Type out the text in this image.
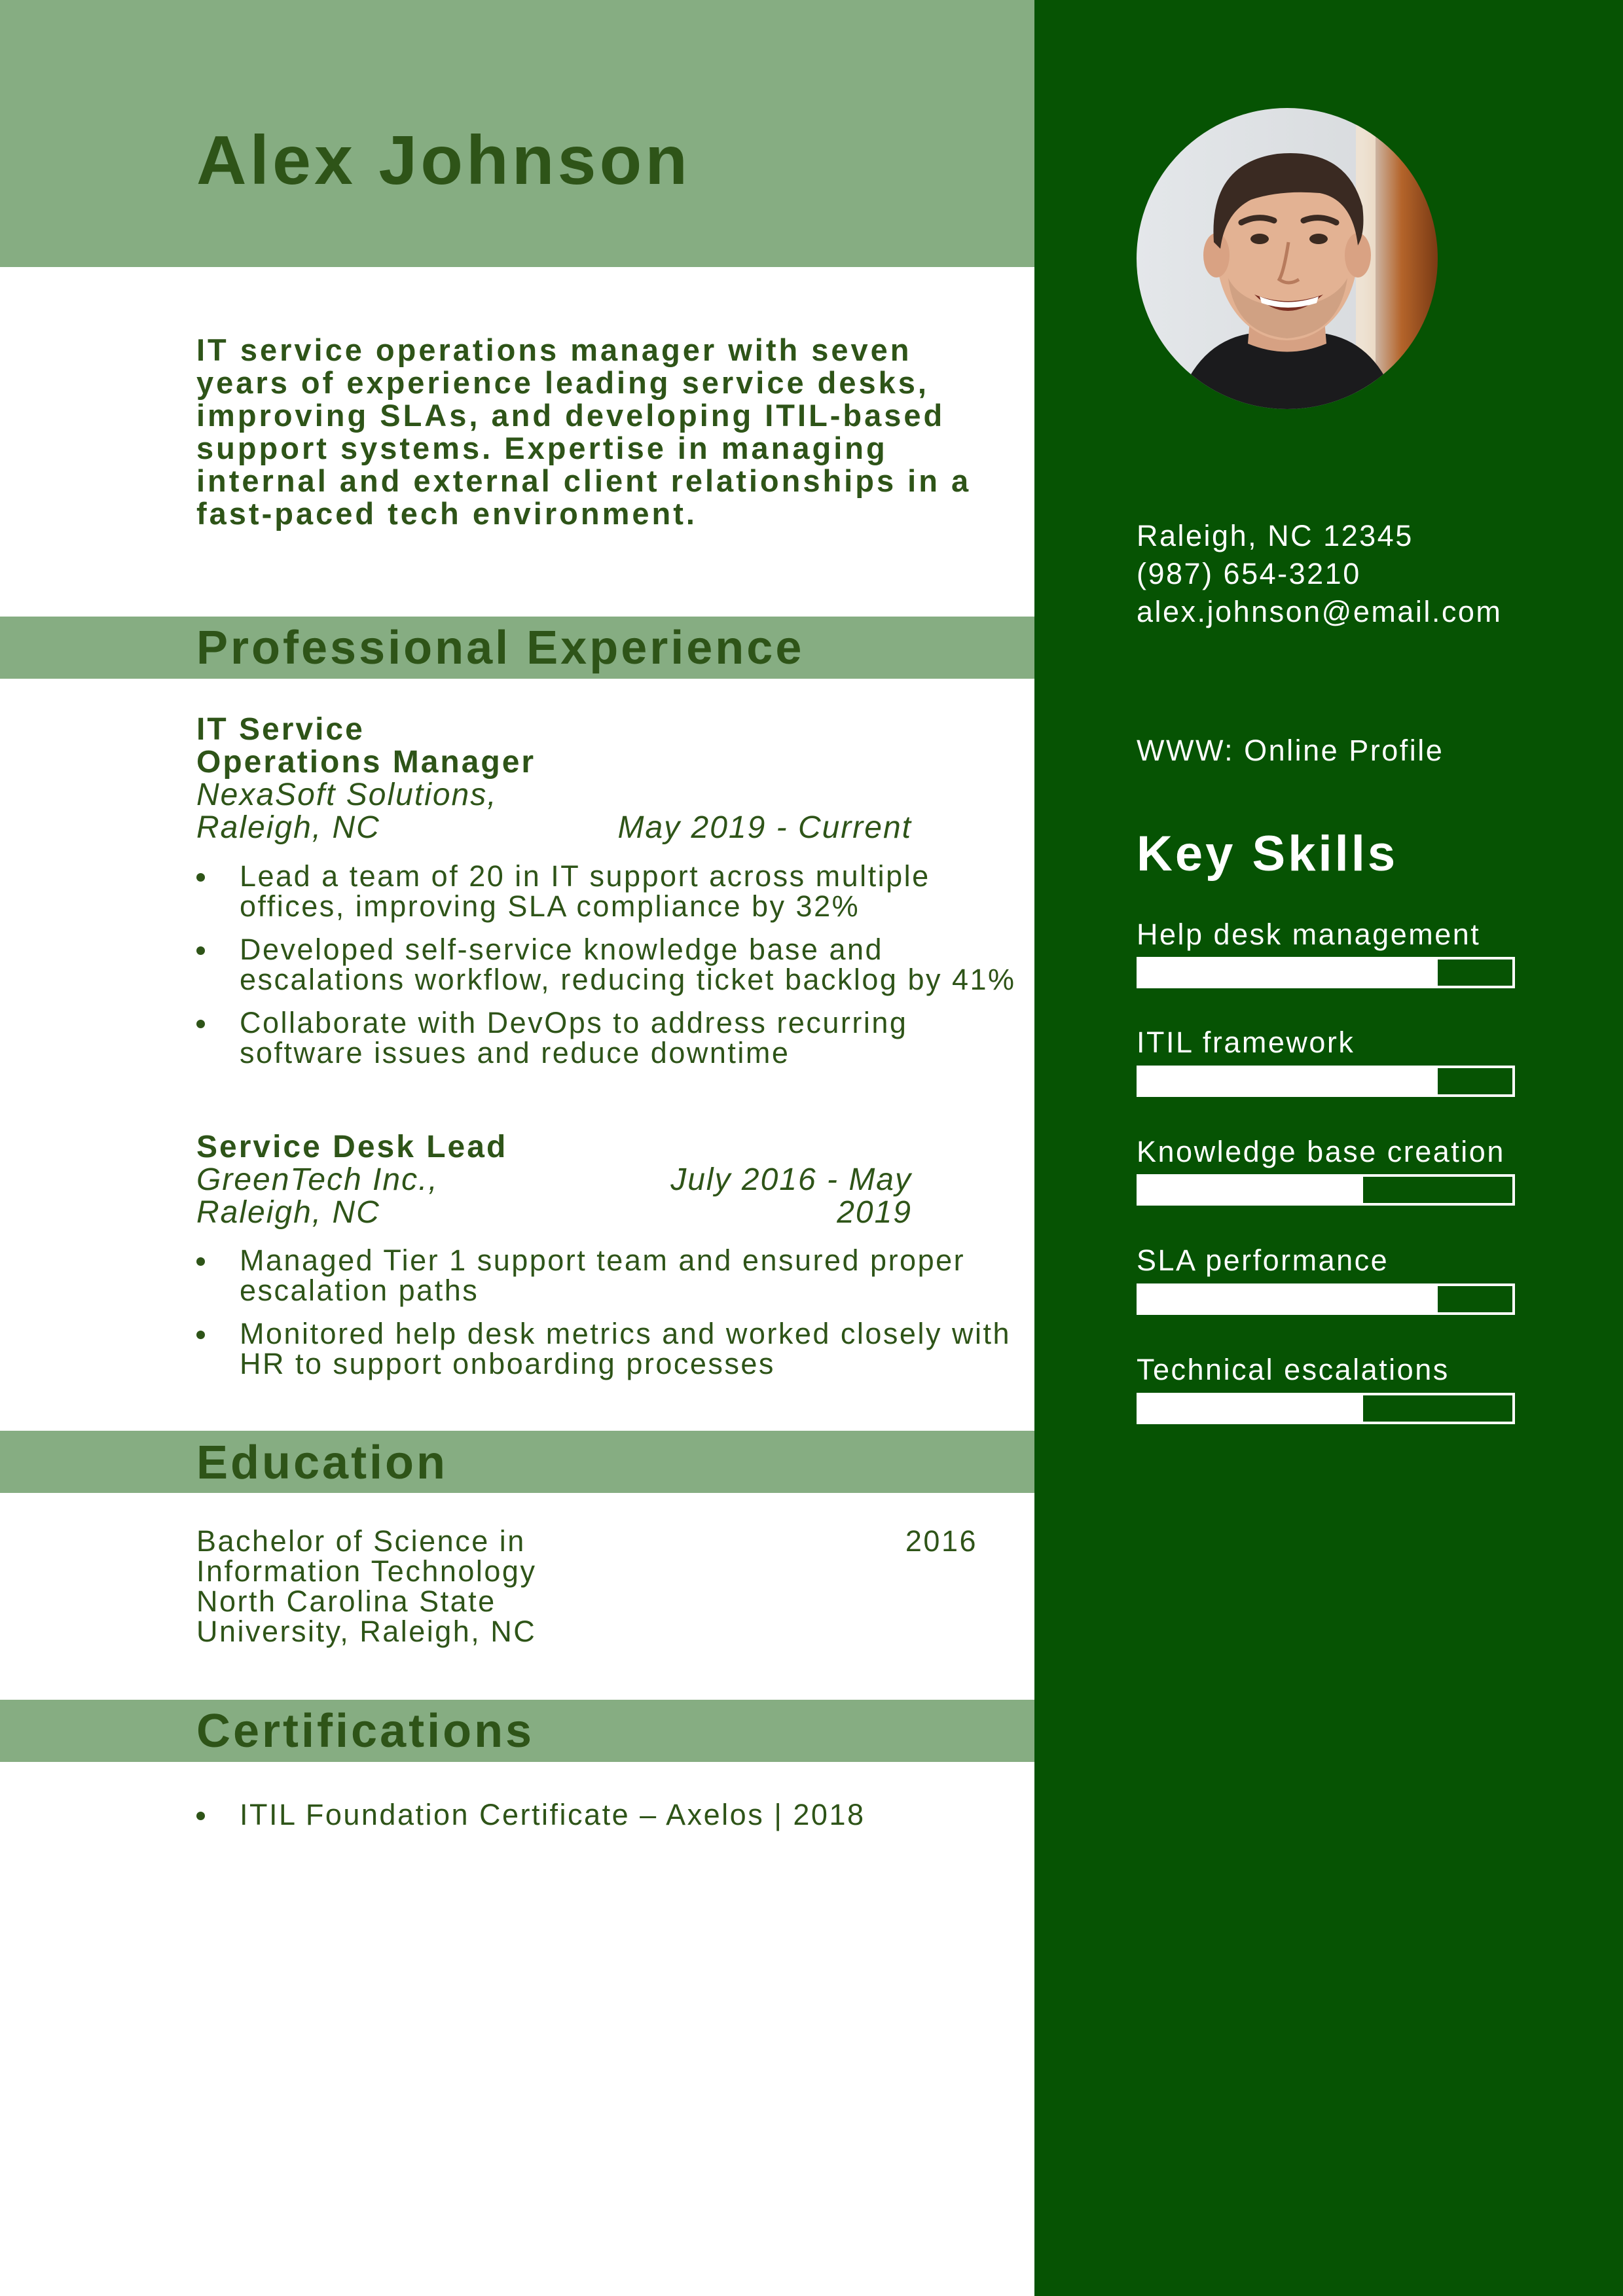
Alex Johnson

IT service operations manager with seven years of experience leading service desks, improving SLAs, and developing ITIL-based support systems. Expertise in managing internal and external client relationships in a fast-paced tech environment.

Professional Experience

IT Service

Operations Manager

NexaSoft Solutions,

Raleigh, NC	May 2019 - Current

Lead a team of 20 in IT support across multiple offices, improving SLA compliance by 32%
Developed self-service knowledge base and escalations workflow, reducing ticket backlog by 41%
Collaborate with DevOps to address recurring software issues and reduce downtime

Service Desk Lead

GreenTech Inc.,

Raleigh, NC

July 2016 - May

2019

Managed Tier 1 support team and ensured proper escalation paths
Monitored help desk metrics and worked closely with HR to support onboarding processes
Education
Bachelor of Science in
Information Technology
North Carolina State
University, Raleigh, NC

2016

Certifications
ITIL Foundation Certificate – Axelos | 2018

Raleigh, NC 12345

(987) 654-3210

alex.johnson@email.com

WWW: Online Profile

Key Skills

Help desk management

ITIL framework

Knowledge base creation

SLA performance

Technical escalations
